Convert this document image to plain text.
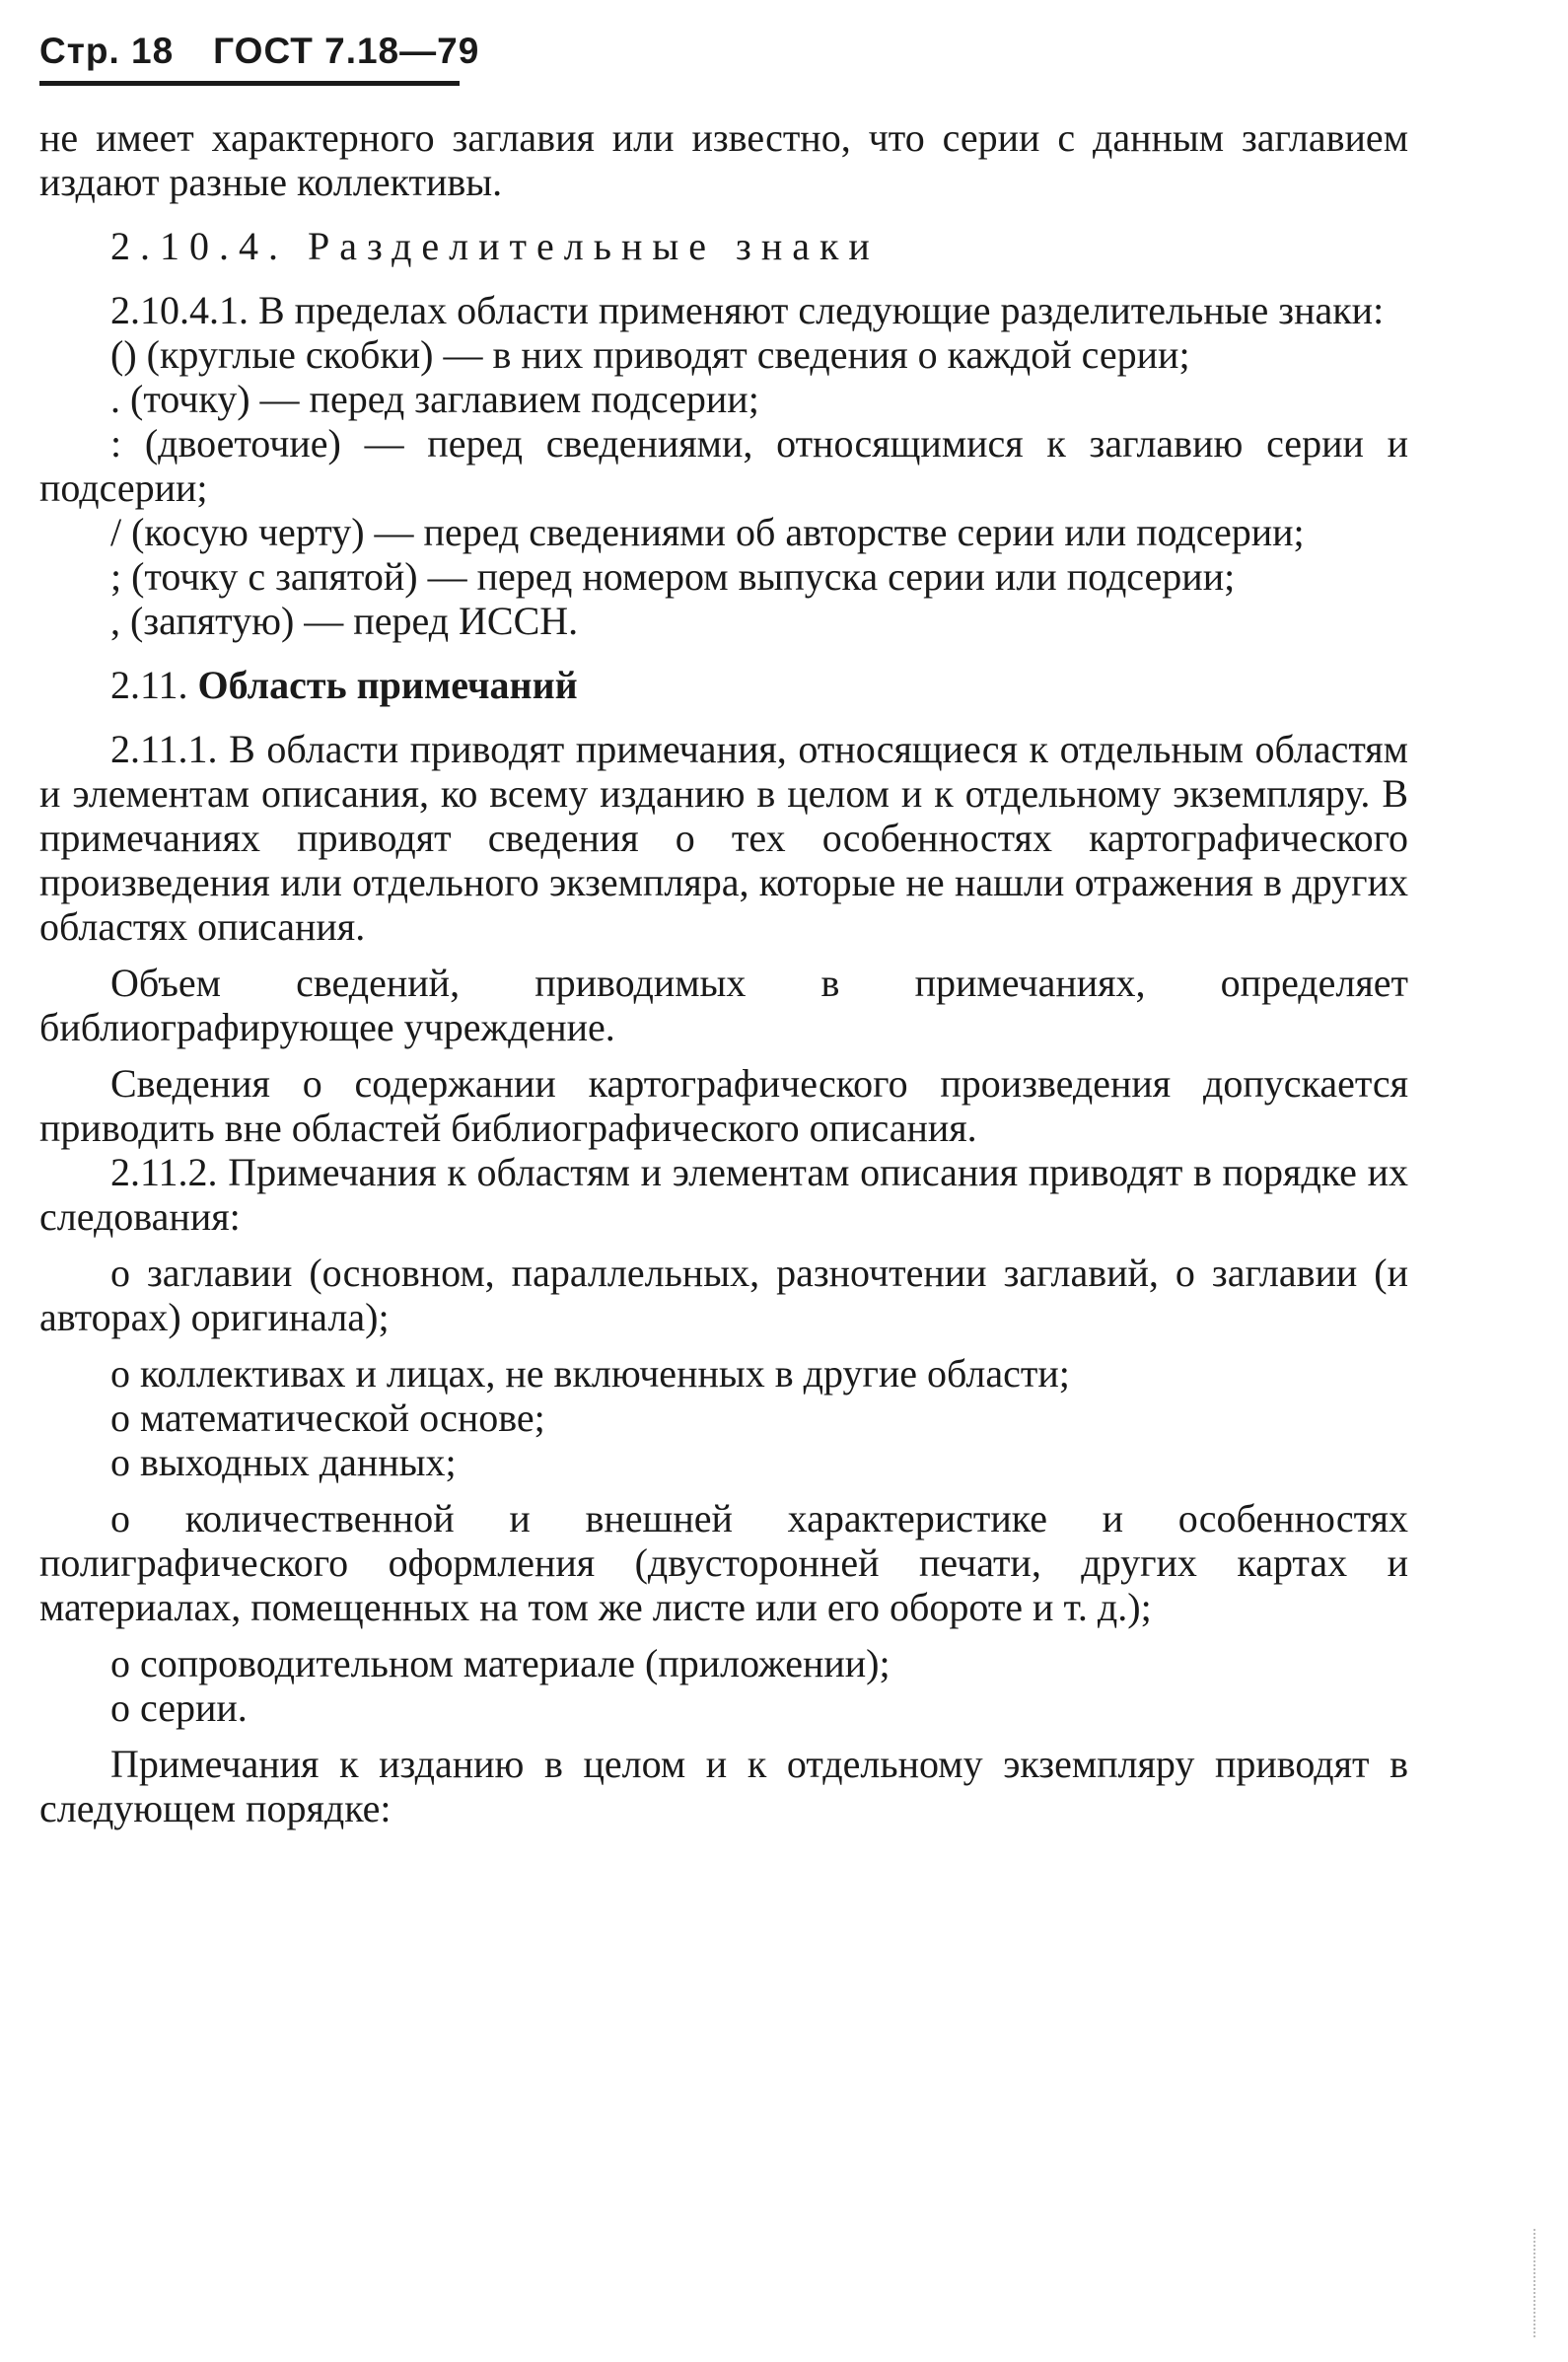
Стр. 18 ГОСТ 7.18—79

не имеет характерного заглавия или известно, что серии с данным заглавием издают разные коллективы.

2.10.4. Разделительные знаки

2.10.4.1. В пределах области применяют следующие разделительные знаки:

() (круглые скобки) — в них приводят сведения о каждой серии;

. (точку) — перед заглавием подсерии;

: (двоеточие) — перед сведениями, относящимися к заглавию серии и подсерии;

/ (косую черту) — перед сведениями об авторстве серии или подсерии;

; (точку с запятой) — перед номером выпуска серии или подсерии;

, (запятую) — перед ИССН.

2.11. Область примечаний

2.11.1. В области приводят примечания, относящиеся к отдельным областям и элементам описания, ко всему изданию в целом и к отдельному экземпляру. В примечаниях приводят сведения о тех особенностях картографического произведения или отдельного экземпляра, которые не нашли отражения в других областях описания.

Объем сведений, приводимых в примечаниях, определяет библиографирующее учреждение.

Сведения о содержании картографического произведения допускается приводить вне областей библиографического описания.

2.11.2. Примечания к областям и элементам описания приводят в порядке их следования:

о заглавии (основном, параллельных, разночтении заглавий, о заглавии (и авторах) оригинала);

о коллективах и лицах, не включенных в другие области;

о математической основе;

о выходных данных;

о количественной и внешней характеристике и особенностях полиграфического оформления (двусторонней печати, других картах и материалах, помещенных на том же листе или его обороте и т. д.);

о сопроводительном материале (приложении);

о серии.

Примечания к изданию в целом и к отдельному экземпляру приводят в следующем порядке:
